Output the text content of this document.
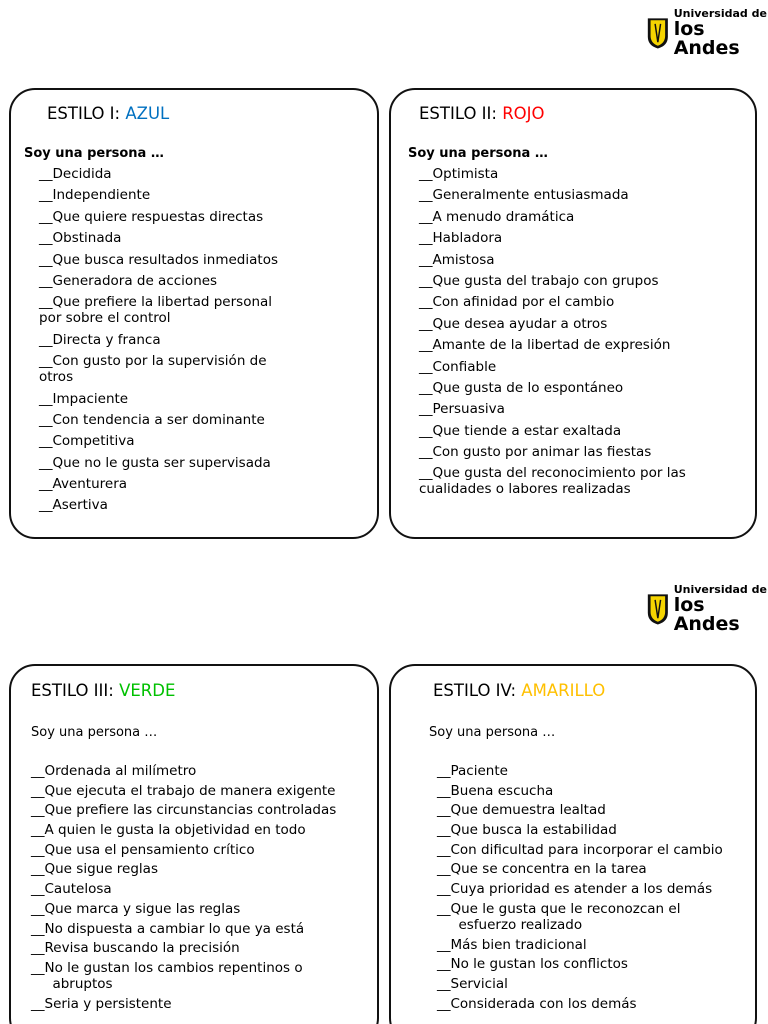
Universidad de
los Andes
ESTILO I: AZUL
Soy una persona …
__Decidida
__Independiente
__Que quiere respuestas directas
__Obstinada
__Que busca resultados inmediatos
__Generadora de acciones
__Que prefiere la libertad personal
por sobre el control
__Directa y franca
__Con gusto por la supervisión de
otros
__Impaciente
__Con tendencia a ser dominante
__Competitiva
__Que no le gusta ser supervisada
__Aventurera
__Asertiva
ESTILO II: ROJO
Soy una persona …
__Optimista
__Generalmente entusiasmada
__A menudo dramática
__Habladora
__Amistosa
__Que gusta del trabajo con grupos
__Con afinidad por el cambio
__Que desea ayudar a otros
__Amante de la libertad de expresión
__Confiable
__Que gusta de lo espontáneo
__Persuasiva
__Que tiende a estar exaltada
__Con gusto por animar las fiestas
__Que gusta del reconocimiento por las
cualidades o labores realizadas
Universidad de
los Andes
ESTILO III: VERDE
Soy una persona …
__Ordenada al milímetro
__Que ejecuta el trabajo de manera exigente
__Que prefiere las circunstancias controladas
__A quien le gusta la objetividad en todo
__Que usa el pensamiento crítico
__Que sigue reglas
__Cautelosa
__Que marca y sigue las reglas
__No dispuesta a cambiar lo que ya está
__Revisa buscando la precisión
__No le gustan los cambios repentinos o
abruptos
__Seria y persistente
ESTILO IV: AMARILLO
Soy una persona …
__Paciente
__Buena escucha
__Que demuestra lealtad
__Que busca la estabilidad
__Con dificultad para incorporar el cambio
__Que se concentra en la tarea
__Cuya prioridad es atender a los demás
__Que le gusta que le reconozcan el
esfuerzo realizado
__Más bien tradicional
__No le gustan los conflictos
__Servicial
__Considerada con los demás
